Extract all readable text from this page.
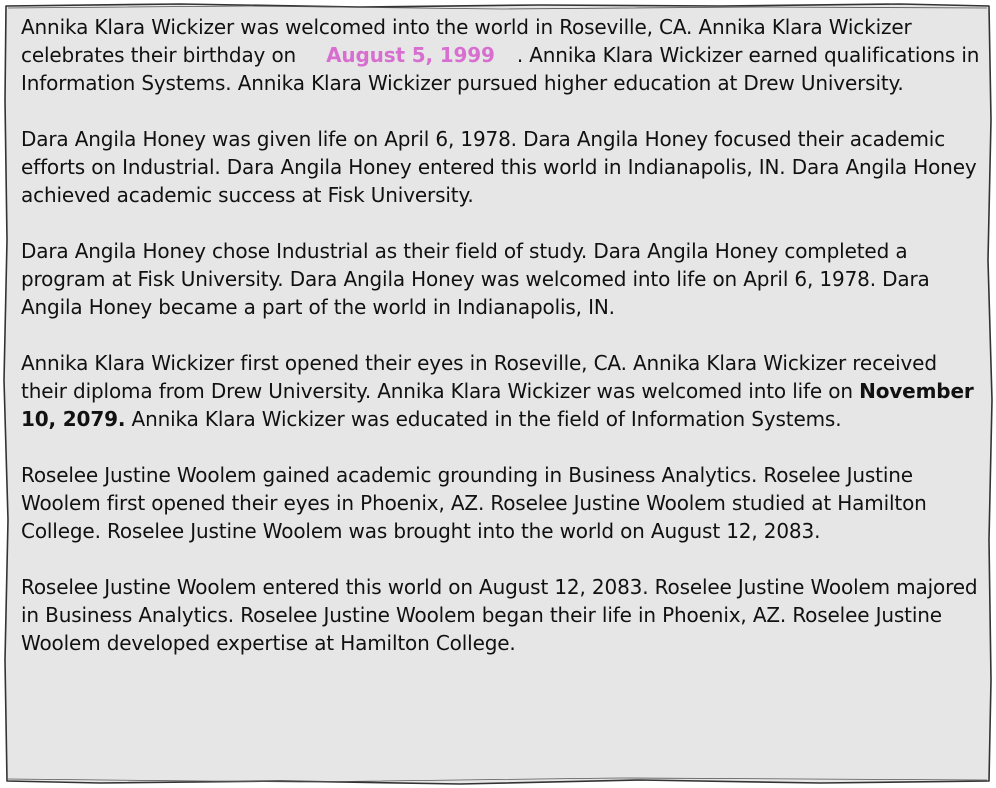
Annika Klara Wickizer was welcomed into the world in Roseville, CA. Annika Klara Wickizer celebrates their birthday on August 5, 1999 . Annika Klara Wickizer earned qualifications in Information Systems. Annika Klara Wickizer pursued higher education at Drew University.

Dara Angila Honey was given life on April 6, 1978. Dara Angila Honey focused their academic efforts on Industrial. Dara Angila Honey entered this world in Indianapolis, IN. Dara Angila Honey achieved academic success at Fisk University.

Dara Angila Honey chose Industrial as their field of study. Dara Angila Honey completed a program at Fisk University. Dara Angila Honey was welcomed into life on April 6, 1978. Dara Angila Honey became a part of the world in Indianapolis, IN.

Annika Klara Wickizer first opened their eyes in Roseville, CA. Annika Klara Wickizer received their diploma from Drew University. Annika Klara Wickizer was welcomed into life on November 10, 2079. Annika Klara Wickizer was educated in the field of Information Systems.

Roselee Justine Woolem gained academic grounding in Business Analytics. Roselee Justine Woolem first opened their eyes in Phoenix, AZ. Roselee Justine Woolem studied at Hamilton College. Roselee Justine Woolem was brought into the world on August 12, 2083.

Roselee Justine Woolem entered this world on August 12, 2083. Roselee Justine Woolem majored in Business Analytics. Roselee Justine Woolem began their life in Phoenix, AZ. Roselee Justine Woolem developed expertise at Hamilton College.
